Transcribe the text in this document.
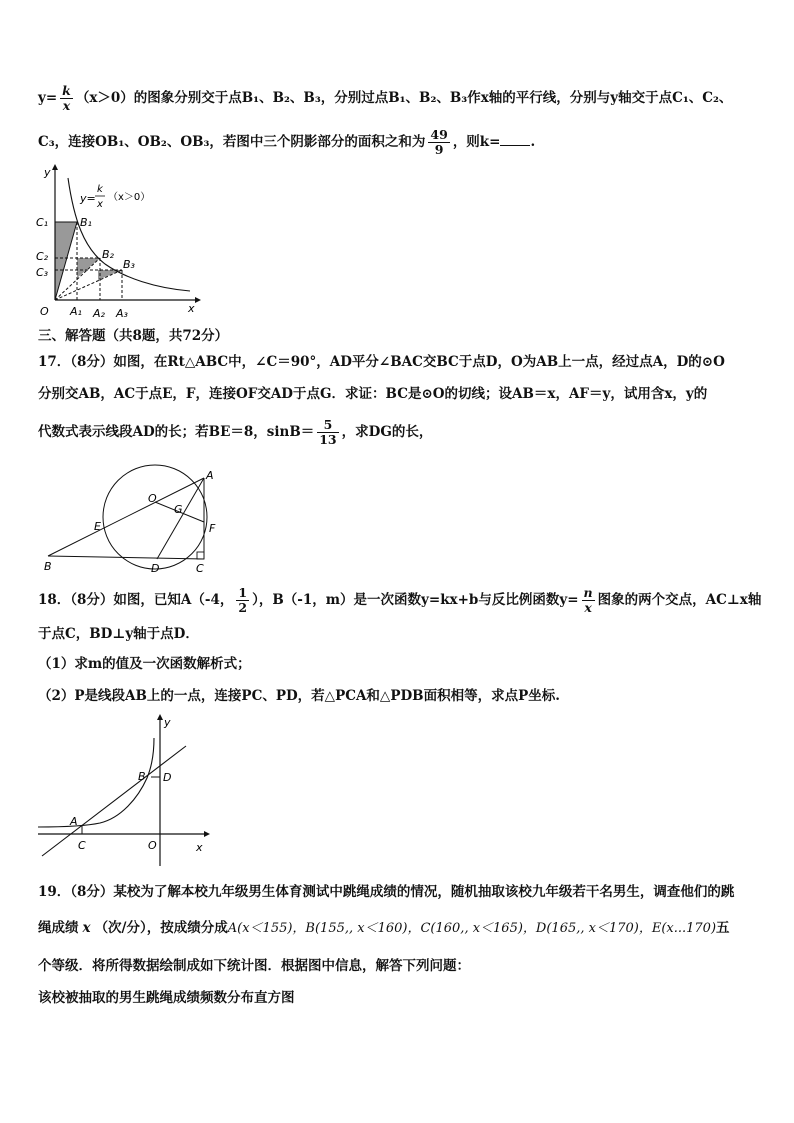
$y= \frac{k}{x} (x>0)$的图象分别交于点B₁、B₂、B₃，分别过点B₁、B₂、B₃作x轴的平行线，分别与y轴交于点C₁、C₂、
C₃，连接OB₁、OB₂、OB₃，若图中三个阴影部分的面积之和为 $\frac{49}{9}$ ，则k= .
y
x
O
y=
k
x
（x＞0）
C₁
C₂
C₃
B₁
B₂
B₃
A₁ A₂ A₃
三、解答题（共8题，共72分）
17．（8分）如图，在Rt△ABC中，∠C＝90°，AD平分∠BAC交BC于点D，O为AB上一点，经过点A，D的⊙O
分别交AB，AC于点E，F，连接OF交AD于点G．求证：BC是⊙O的切线；设AB＝x，AF＝y，试用含x，y的
代数式表示线段AD的长；若BE＝8，$\sin B= \frac{5}{13}$ ，求DG的长，
A
B	C
D
E	F
G
O
18．（8分）如图，已知A（-4， $\frac{1}{2}$ ），B（-1，m）是一次函数y=kx+b与反比例函数$y= \frac{n}{x}$ 图象的两个交点，AC⊥x轴
于点C，BD⊥y轴于点D．
（1）求m的值及一次函数解析式；
（2）P是线段AB上的一点，连接PC、PD，若△PCA和△PDB面积相等，求点P坐标.
y
x
O
A
B
C
D
19．（8分）某校为了解本校九年级男生体育测试中跳绳成绩的情况，随机抽取该校九年级若干名男生，调查他们的跳
绳成绩 x （次/分），按成绩分成A(x＜155)，B(155,, x＜160)，C(160,, x＜165)，D(165,, x＜170)，E(x...170)五
个等级．将所得数据绘制成如下统计图．根据图中信息，解答下列问题：
该校被抽取的男生跳绳成绩频数分布直方图
